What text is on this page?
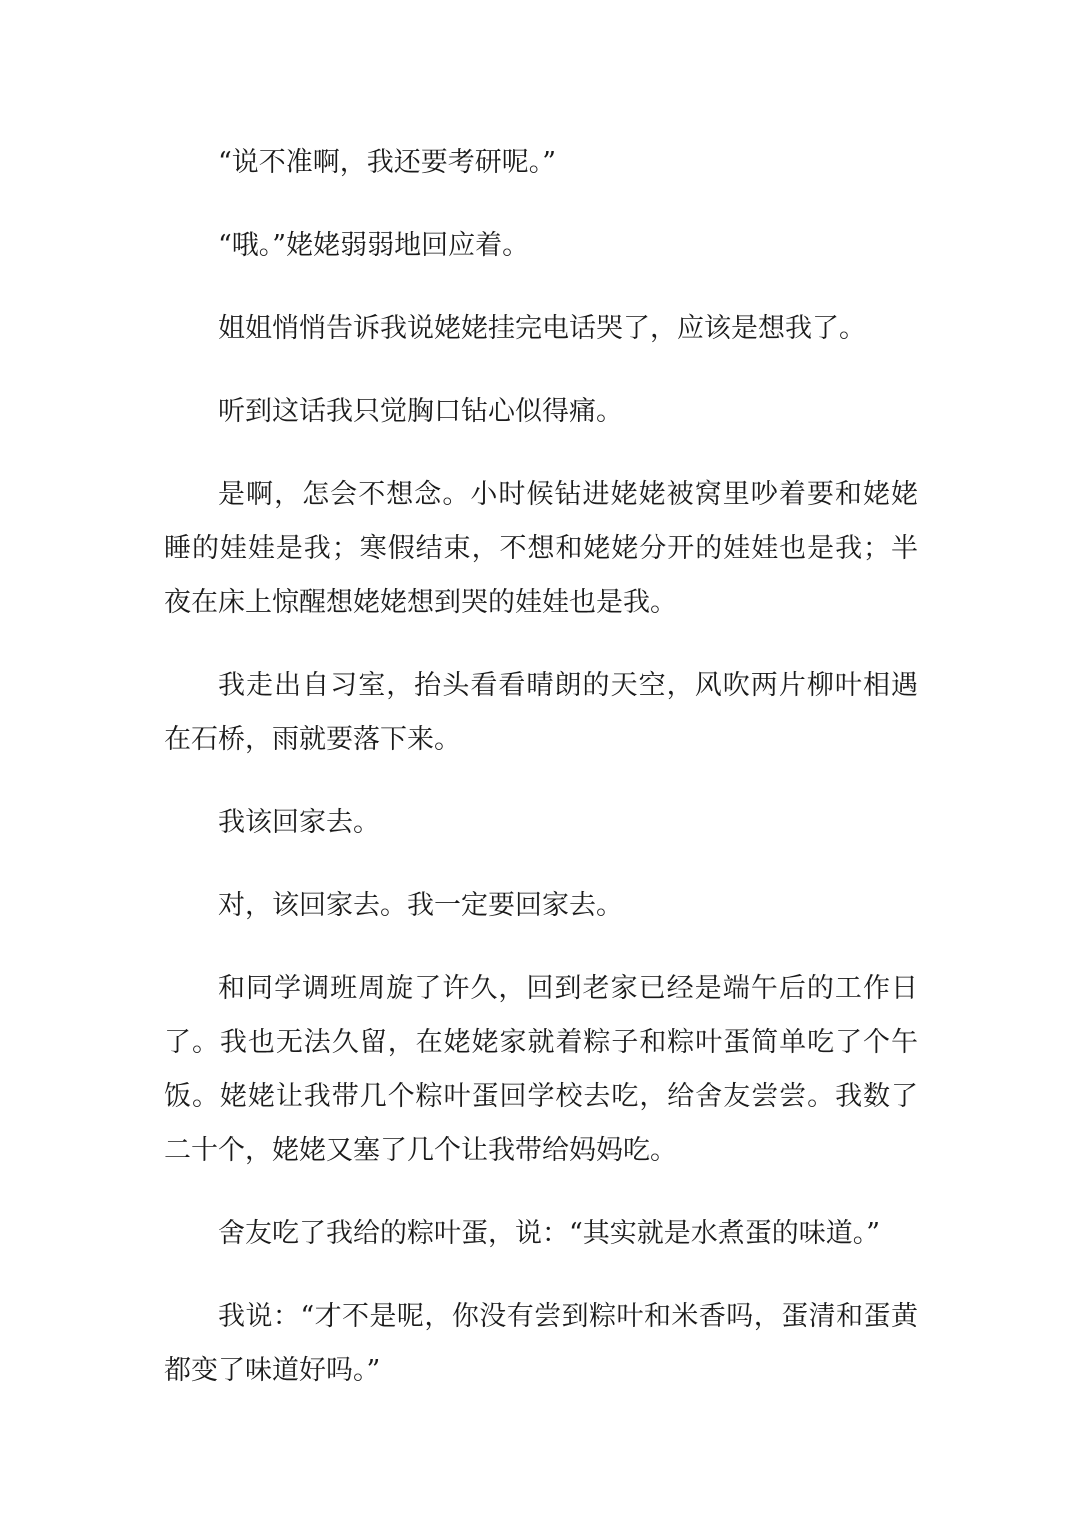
“说不准啊，我还要考研呢。”

“哦。”姥姥弱弱地回应着。

姐姐悄悄告诉我说姥姥挂完电话哭了，应该是想我了。

听到这话我只觉胸口钻心似得痛。

是啊，怎会不想念。小时候钻进姥姥被窝里吵着要和姥姥睡的娃娃是我；寒假结束，不想和姥姥分开的娃娃也是我；半夜在床上惊醒想姥姥想到哭的娃娃也是我。

我走出自习室，抬头看看晴朗的天空，风吹两片柳叶相遇在石桥，雨就要落下来。

我该回家去。

对，该回家去。我一定要回家去。

和同学调班周旋了许久，回到老家已经是端午后的工作日了。我也无法久留，在姥姥家就着粽子和粽叶蛋简单吃了个午饭。姥姥让我带几个粽叶蛋回学校去吃，给舍友尝尝。我数了二十个，姥姥又塞了几个让我带给妈妈吃。

舍友吃了我给的粽叶蛋，说：“其实就是水煮蛋的味道。”

我说：“才不是呢，你没有尝到粽叶和米香吗，蛋清和蛋黄都变了味道好吗。”
